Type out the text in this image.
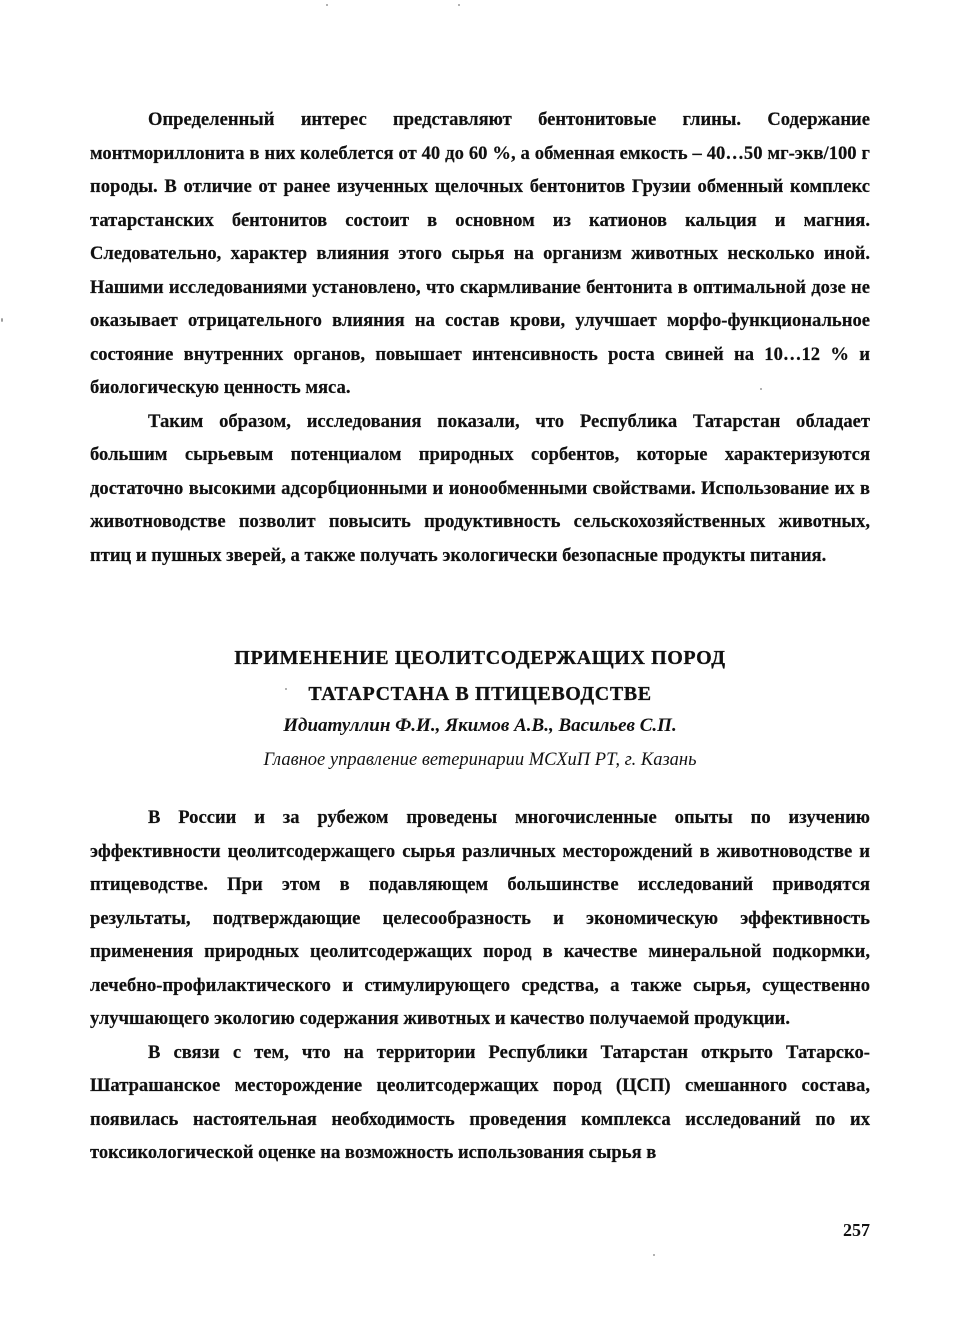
Определенный интерес представляют бентонитовые глины. Содержание монтмориллонита в них колеблется от 40 до 60 %, а обменная емкость – 40…50 мг-экв/100 г породы. В отличие от ранее изученных щелочных бентонитов Грузии обменный комплекс татарстанских бентонитов состоит в основном из катионов кальция и магния. Следовательно, характер влияния этого сырья на организм животных несколько иной. Нашими исследованиями установлено, что скармливание бентонита в оптимальной дозе не оказывает отрицательного влияния на состав крови, улучшает морфо-функциональное состояние внутренних органов, повышает интенсивность роста свиней на 10…12 % и биологическую ценность мяса.

Таким образом, исследования показали, что Республика Татарстан обладает большим сырьевым потенциалом природных сорбентов, которые характеризуются достаточно высокими адсорбционными и ионообменными свойствами. Использование их в животноводстве позволит повысить продуктивность сельскохозяйственных животных, птиц и пушных зверей, а также получать экологически безопасные продукты питания.

ПРИМЕНЕНИЕ ЦЕОЛИТСОДЕРЖАЩИХ ПОРОД
ТАТАРСТАНА В ПТИЦЕВОДСТВЕ
Идиатуллин Ф.И., Якимов А.В., Васильев С.П.
Главное управление ветеринарии МСХиП РТ, г. Казань

В России и за рубежом проведены многочисленные опыты по изучению эффективности цеолитсодержащего сырья различных месторождений в животноводстве и птицеводстве. При этом в подавляющем большинстве исследований приводятся результаты, подтверждающие целесообразность и экономическую эффективность применения природных цеолитсодержащих пород в качестве минеральной подкормки, лечебно-профилактического и стимулирующего средства, а также сырья, существенно улучшающего экологию содержания животных и качество получаемой продукции.

В связи с тем, что на территории Республики Татарстан открыто Татарско-Шатрашанское месторождение цеолитсодержащих пород (ЦСП) смешанного состава, появилась настоятельная необходимость проведения комплекса исследований по их токсикологической оценке на возможность использования сырья в

257
